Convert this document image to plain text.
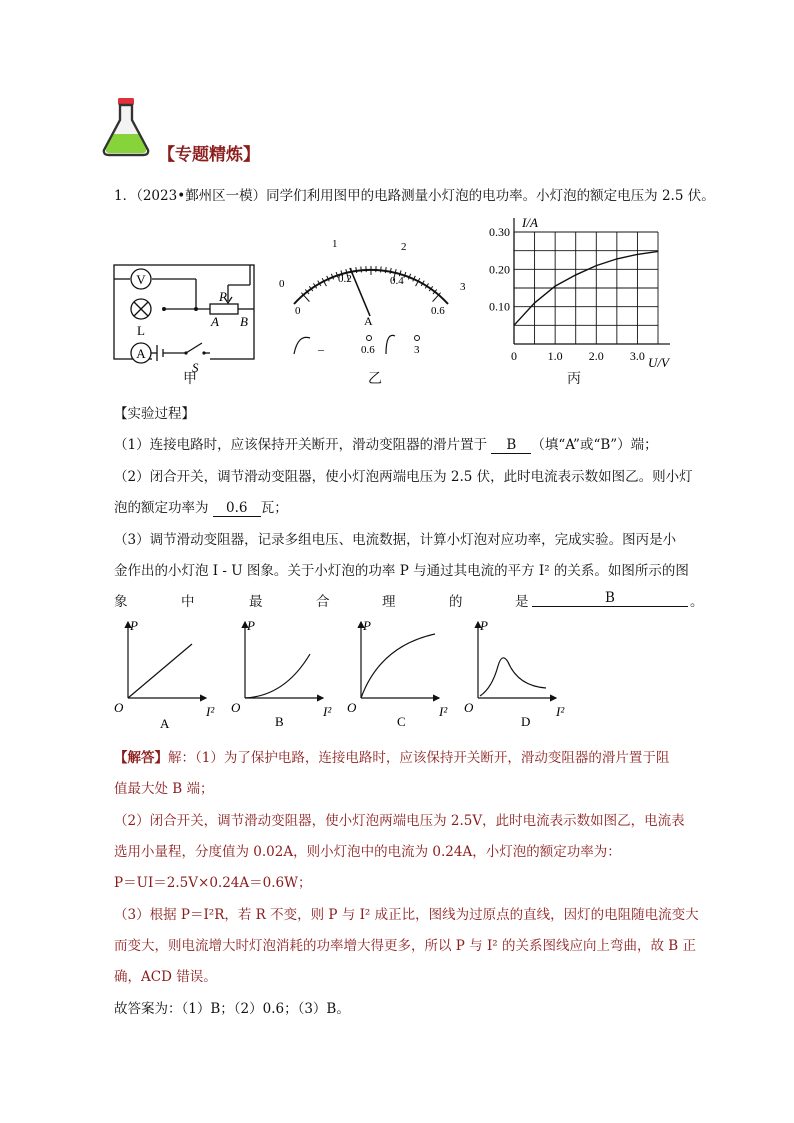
【专题精炼】
1．（2023•鄞州区一模）同学们利用图甲的电路测量小灯泡的电功率。小灯泡的额定电压为 2.5 伏。
V
A
L
P
A B
S
甲
0
1	2
3
0
0.2	0.4
0.6
A
–	0.6	3
乙
0.30
0.20
0.10
0	1.0 2.0 3.0
I/A
U/V
丙
【实验过程】
（1）连接电路时，应该保持开关断开，滑动变阻器的滑片置于 B （填“A”或“B”）端；
（2）闭合开关，调节滑动变阻器，使小灯泡两端电压为 2.5 伏，此时电流表示数如图乙。则小灯
泡的额定功率为 0.6 瓦；
（3）调节滑动变阻器，记录多组电压、电流数据，计算小灯泡对应功率，完成实验。图丙是小
金作出的小灯泡 I - U 图象。关于小灯泡的功率 P 与通过其电流的平方 I² 的关系。如图所示的图
象	中	最	合	理	的	是	B	。
P	P	P	P
O	O	O	O
I²	I²	I²	I²
A	B	C	D
【解答】解：（1）为了保护电路，连接电路时，应该保持开关断开，滑动变阻器的滑片置于阻
值最大处 B 端；
（2）闭合开关，调节滑动变阻器，使小灯泡两端电压为 2.5V，此时电流表示数如图乙，电流表
选用小量程，分度值为 0.02A，则小灯泡中的电流为 0.24A，小灯泡的额定功率为：
P＝UI＝2.5V×0.24A＝0.6W；
（3）根据 P＝I²R，若 R 不变，则 P 与 I² 成正比，图线为过原点的直线，因灯的电阻随电流变大
而变大，则电流增大时灯泡消耗的功率增大得更多，所以 P 与 I² 的关系图线应向上弯曲，故 B 正
确，ACD 错误。
故答案为：（1）B；（2）0.6；（3）B。
